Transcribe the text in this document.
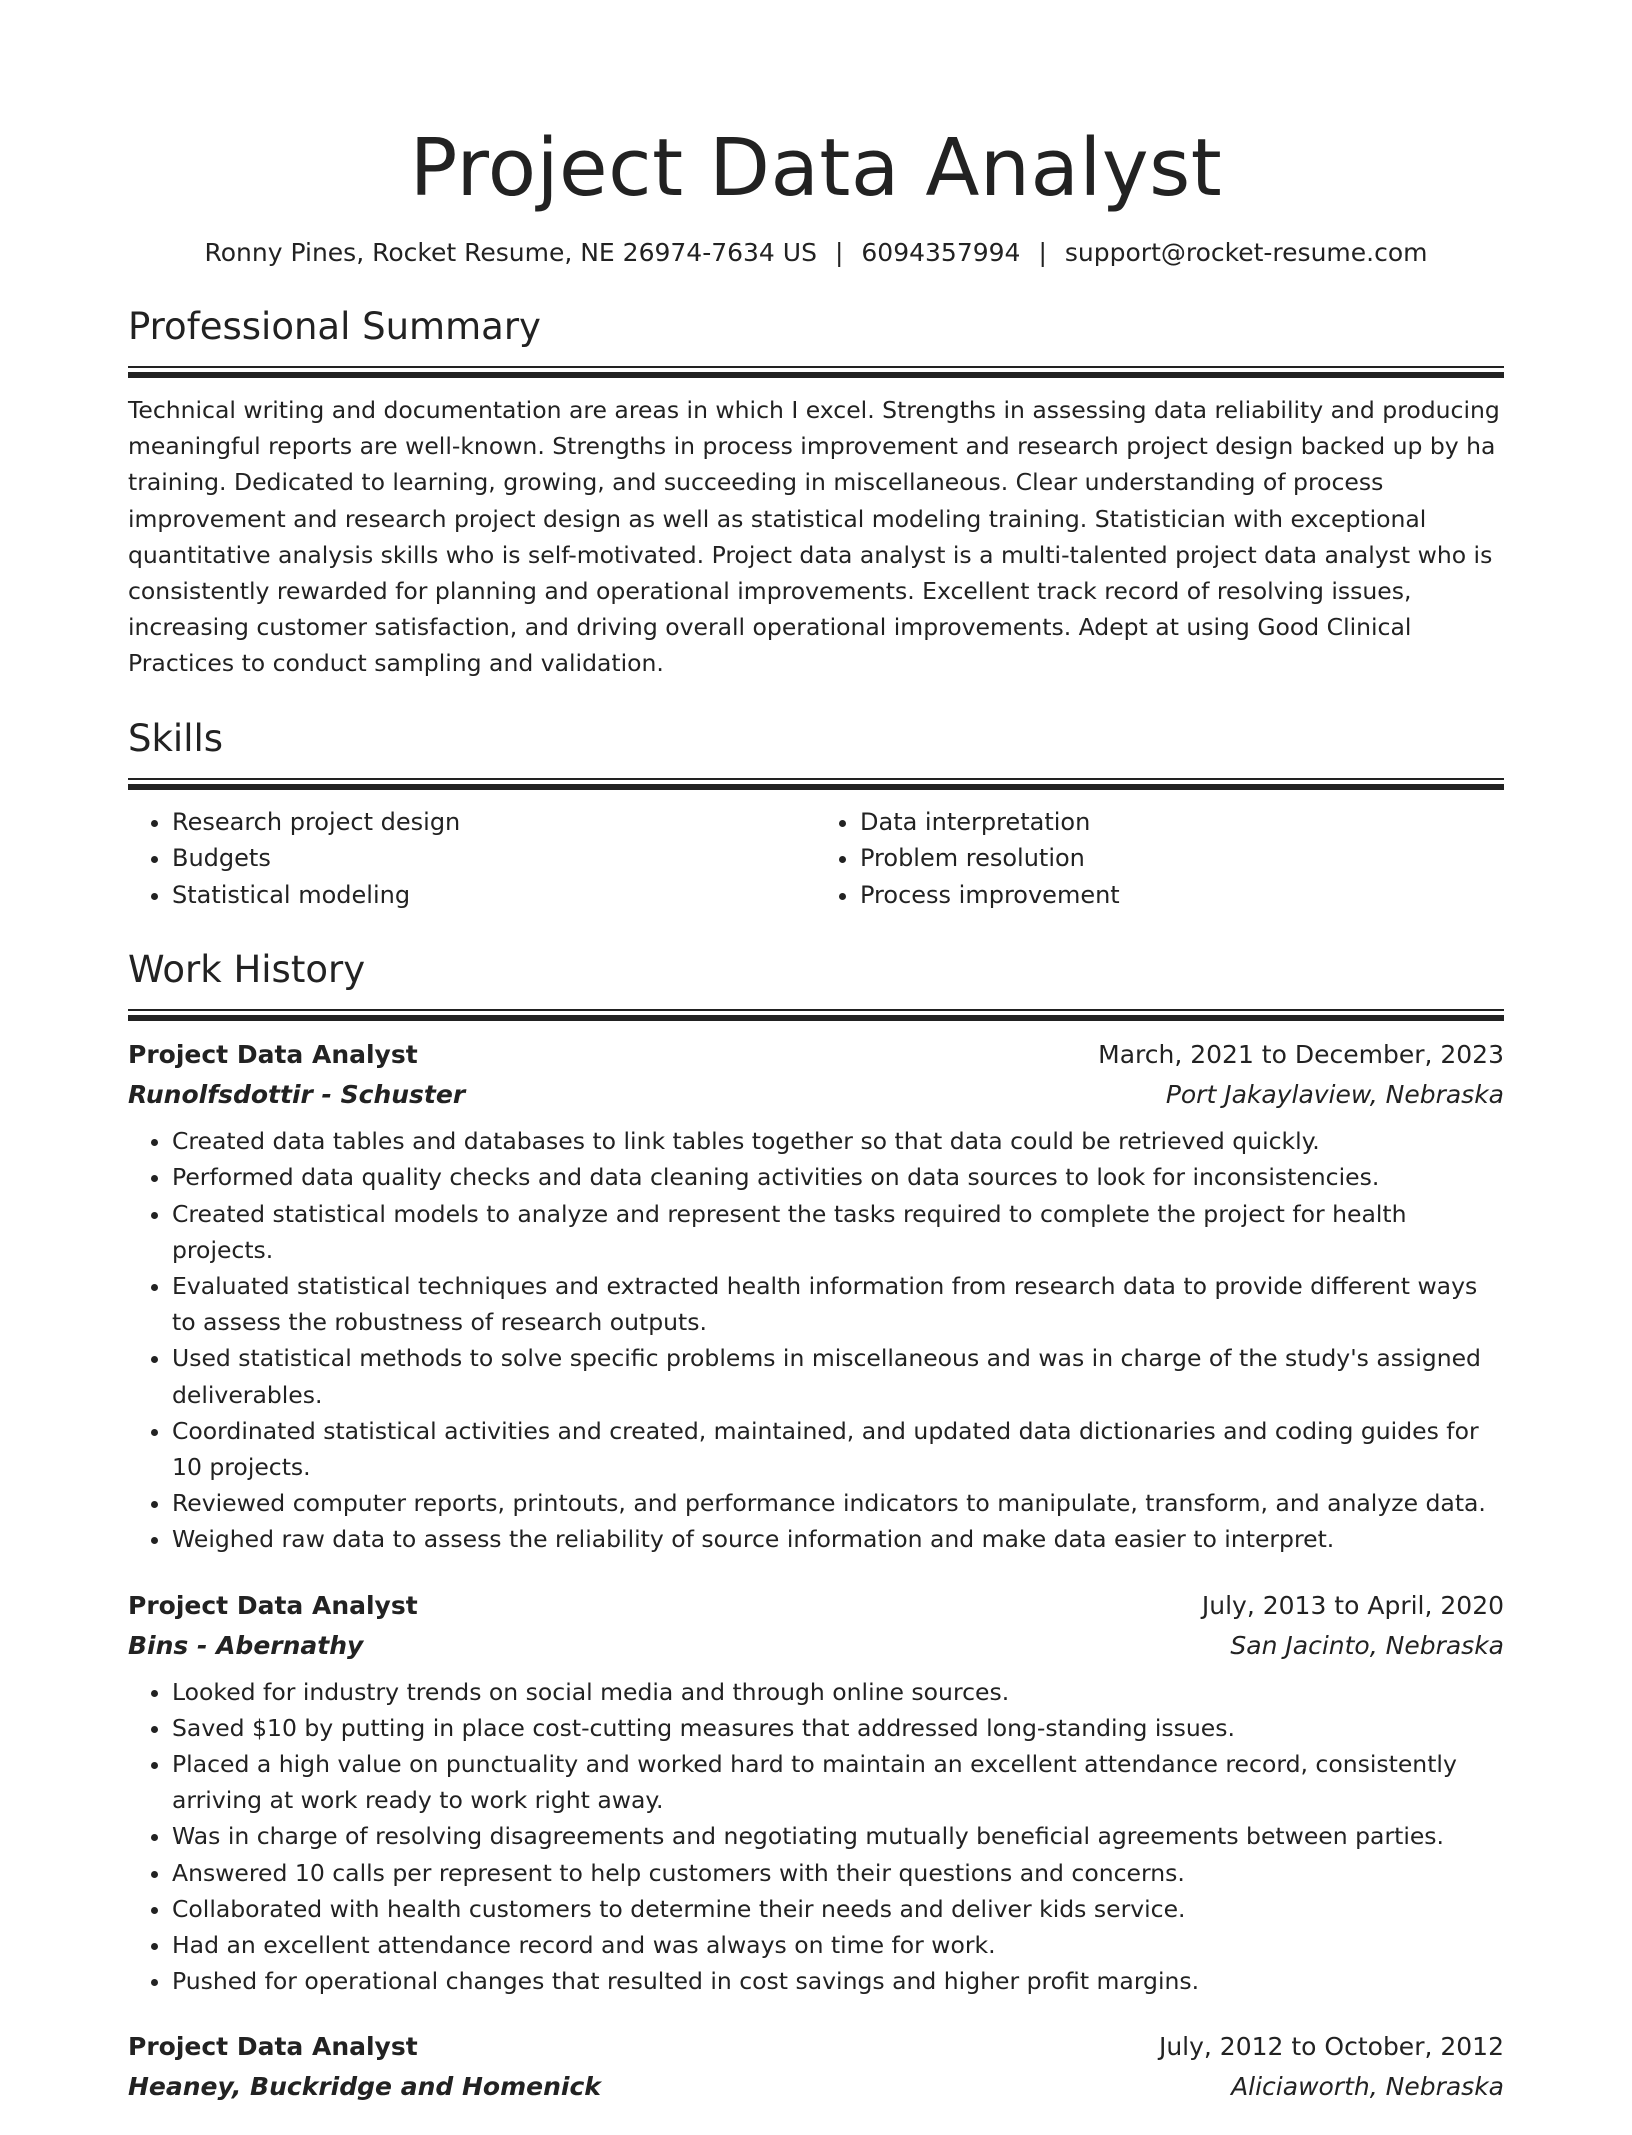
Project Data Analyst
Ronny Pines, Rocket Resume, NE 26974-7634 US | 6094357994 | support@rocket-resume.com
Professional Summary

Technical writing and documentation are areas in which I excel. Strengths in assessing data reliability and producing meaningful reports are well-known. Strengths in process improvement and research project design backed up by ha training. Dedicated to learning, growing, and succeeding in miscellaneous. Clear understanding of process improvement and research project design as well as statistical modeling training. Statistician with exceptional quantitative analysis skills who is self-motivated. Project data analyst is a multi-talented project data analyst who is consistently rewarded for planning and operational improvements. Excellent track record of resolving issues, increasing customer satisfaction, and driving overall operational improvements. Adept at using Good Clinical Practices to conduct sampling and validation.

Skills
• Research project design
• Budgets
• Statistical modeling
• Data interpretation
• Problem resolution
• Process improvement
Work History
Project Data Analyst	March, 2021 to December, 2023
Runolfsdottir - Schuster	Port Jakaylaview, Nebraska
• Created data tables and databases to link tables together so that data could be retrieved quickly.
• Performed data quality checks and data cleaning activities on data sources to look for inconsistencies.
• Created statistical models to analyze and represent the tasks required to complete the project for health projects.
• Evaluated statistical techniques and extracted health information from research data to provide different ways to assess the robustness of research outputs.
• Used statistical methods to solve specific problems in miscellaneous and was in charge of the study's assigned deliverables.
• Coordinated statistical activities and created, maintained, and updated data dictionaries and coding guides for 10 projects.
• Reviewed computer reports, printouts, and performance indicators to manipulate, transform, and analyze data.
• Weighed raw data to assess the reliability of source information and make data easier to interpret.
Project Data Analyst	July, 2013 to April, 2020
Bins - Abernathy	San Jacinto, Nebraska
• Looked for industry trends on social media and through online sources.
• Saved $10 by putting in place cost-cutting measures that addressed long-standing issues.
• Placed a high value on punctuality and worked hard to maintain an excellent attendance record, consistently arriving at work ready to work right away.
• Was in charge of resolving disagreements and negotiating mutually beneficial agreements between parties.
• Answered 10 calls per represent to help customers with their questions and concerns.
• Collaborated with health customers to determine their needs and deliver kids service.
• Had an excellent attendance record and was always on time for work.
• Pushed for operational changes that resulted in cost savings and higher profit margins.
Project Data Analyst	July, 2012 to October, 2012
Heaney, Buckridge and Homenick	Aliciaworth, Nebraska
